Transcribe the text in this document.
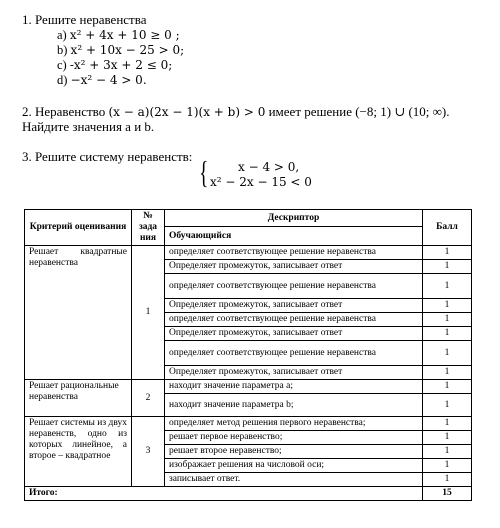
1. Решите неравенства
a) x² + 4x + 10 ≥ 0 ;
b) x² + 10x − 25 > 0;
c) -x² + 3x + 2 ≤ 0;
d) −x² − 4 > 0.
2. Неравенство (x − a)(2x − 1)(x + b) > 0 имеет решение (−8; 1) ∪ (10; ∞).
Найдите значения a и b.
3. Решите систему неравенств: {	x − 4 > 0,
x² − 2x − 15 < 0
Критерий оценивания	№ зада ния	Дескриптор	Балл
		Обучающийся	
Решает квадратные неравенства	1	определяет соответствующее решение неравенства	1
		Определяет промежуток, записывает ответ	1
		определяет соответствующее решение неравенства	1
		Определяет промежуток, записывает ответ	1
		определяет соответствующее решение неравенства	1
		Определяет промежуток, записывает ответ	1
		определяет соответствующее решение неравенства	1
		Определяет промежуток, записывает ответ	1
Решает рациональные неравенства	2	находит значение параметра a;	1
		находит значение параметра b;	1
Решает системы из двух неравенств, одно из которых линейное, а второе – квадратное	3	определяет метод решения первого неравенства;	1
		решает первое неравенство;	1
		решает второе неравенство;	1
		изображает решения на числовой оси;	1
		записывает ответ.	1
Итого:			15
